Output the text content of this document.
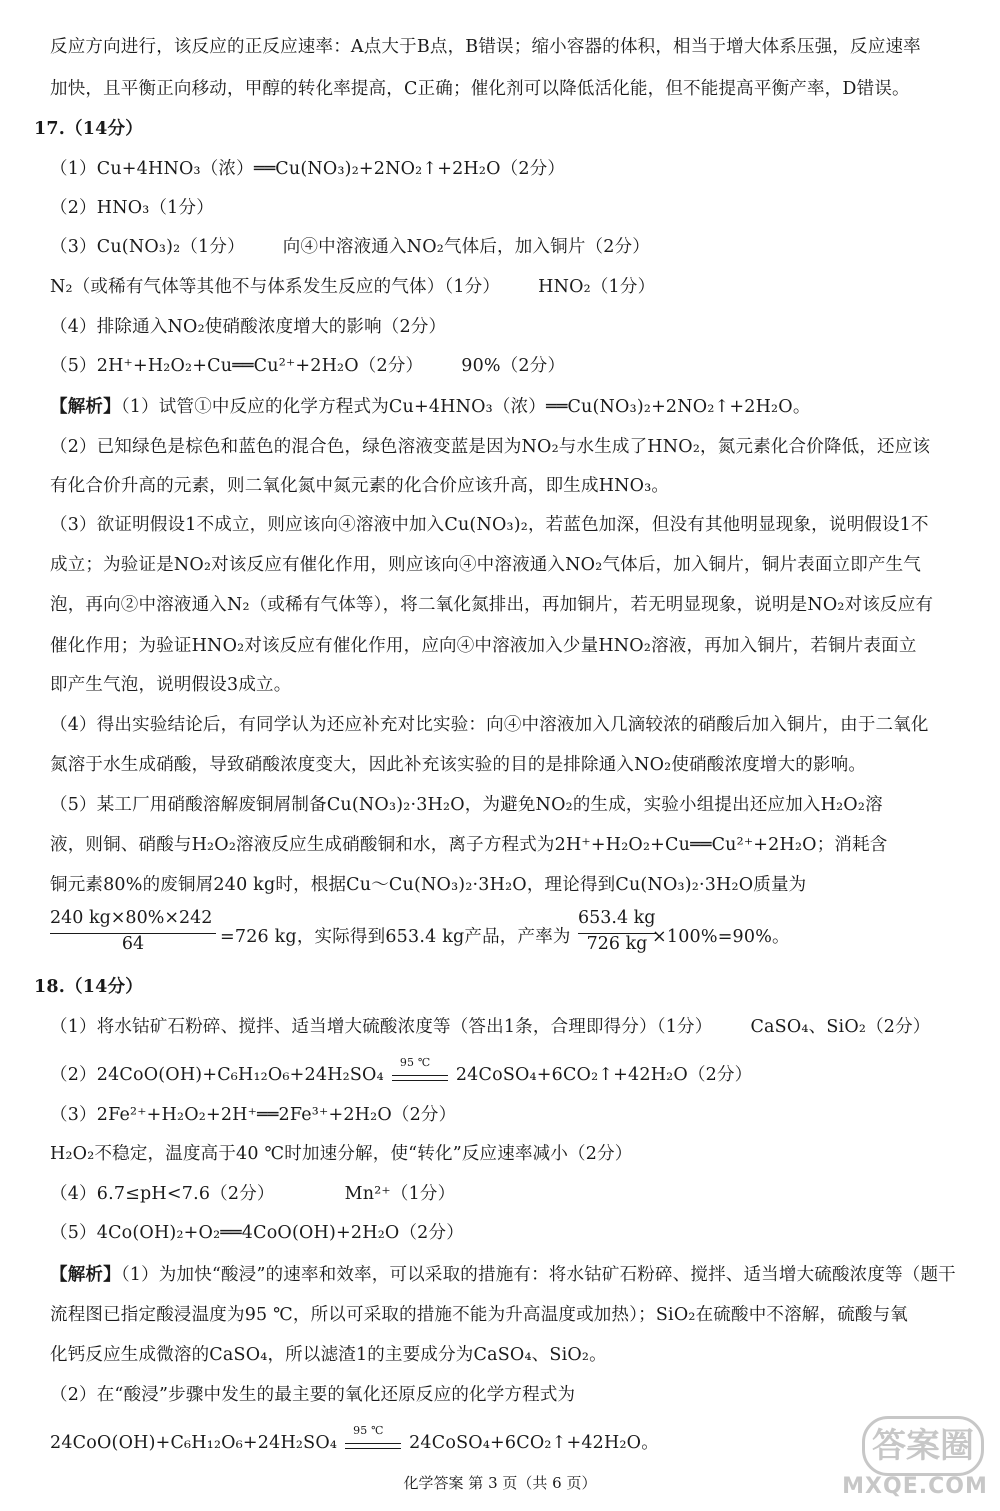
反应方向进行，该反应的正反应速率：A点大于B点，B错误；缩小容器的体积，相当于增大体系压强，反应速率
加快，且平衡正向移动，甲醇的转化率提高，C正确；催化剂可以降低活化能，但不能提高平衡产率，D错误。
17.（14分）
（1）Cu+4HNO₃（浓）══Cu(NO₃)₂+2NO₂↑+2H₂O（2分）
（2）HNO₃（1分）
（3）Cu(NO₃)₂（1分） 向④中溶液通入NO₂气体后，加入铜片（2分）
N₂（或稀有气体等其他不与体系发生反应的气体）（1分） HNO₂（1分）
（4）排除通入NO₂使硝酸浓度增大的影响（2分）
（5）2H⁺+H₂O₂+Cu══Cu²⁺+2H₂O（2分） 90%（2分）
【解析】（1）试管①中反应的化学方程式为Cu+4HNO₃（浓）══Cu(NO₃)₂+2NO₂↑+2H₂O。
（2）已知绿色是棕色和蓝色的混合色，绿色溶液变蓝是因为NO₂与水生成了HNO₂，氮元素化合价降低，还应该
有化合价升高的元素，则二氧化氮中氮元素的化合价应该升高，即生成HNO₃。
（3）欲证明假设1不成立，则应该向④溶液中加入Cu(NO₃)₂，若蓝色加深，但没有其他明显现象，说明假设1不
成立；为验证是NO₂对该反应有催化作用，则应该向④中溶液通入NO₂气体后，加入铜片，铜片表面立即产生气
泡，再向②中溶液通入N₂（或稀有气体等），将二氧化氮排出，再加铜片，若无明显现象，说明是NO₂对该反应有
催化作用；为验证HNO₂对该反应有催化作用，应向④中溶液加入少量HNO₂溶液，再加入铜片，若铜片表面立
即产生气泡，说明假设3成立。
（4）得出实验结论后，有同学认为还应补充对比实验：向④中溶液加入几滴较浓的硝酸后加入铜片，由于二氧化
氮溶于水生成硝酸，导致硝酸浓度变大，因此补充该实验的目的是排除通入NO₂使硝酸浓度增大的影响。
（5）某工厂用硝酸溶解废铜屑制备Cu(NO₃)₂·3H₂O，为避免NO₂的生成，实验小组提出还应加入H₂O₂溶
液，则铜、硝酸与H₂O₂溶液反应生成硝酸铜和水，离子方程式为2H⁺+H₂O₂+Cu══Cu²⁺+2H₂O；消耗含
铜元素80%的废铜屑240 kg时，根据Cu～Cu(NO₃)₂·3H₂O，理论得到Cu(NO₃)₂·3H₂O质量为
240 kg×80%×242
64	=726 kg，实际得到653.4 kg产品，产率为
653.4 kg
726 kg ×100%=90%。
18.（14分）
（1）将水钴矿石粉碎、搅拌、适当增大硫酸浓度等（答出1条，合理即得分）（1分） CaSO₄、SiO₂（2分）
（2）24CoO(OH)+C₆H₁₂O₆+24H₂SO₄
95 ℃
24CoSO₄+6CO₂↑+42H₂O（2分）
（3）2Fe²⁺+H₂O₂+2H⁺══2Fe³⁺+2H₂O（2分）
H₂O₂不稳定，温度高于40 ℃时加速分解，使“转化”反应速率减小（2分）
（4）6.7≤pH<7.6（2分）	Mn²⁺（1分）
（5）4Co(OH)₂+O₂══4CoO(OH)+2H₂O（2分）
【解析】（1）为加快“酸浸”的速率和效率，可以采取的措施有：将水钴矿石粉碎、搅拌、适当增大硫酸浓度等（题干
流程图已指定酸浸温度为95 ℃，所以可采取的措施不能为升高温度或加热）；SiO₂在硫酸中不溶解，硫酸与氧
化钙反应生成微溶的CaSO₄，所以滤渣1的主要成分为CaSO₄、SiO₂。
（2）在“酸浸”步骤中发生的最主要的氧化还原反应的化学方程式为
24CoO(OH)+C₆H₁₂O₆+24H₂SO₄
95 ℃
24CoSO₄+6CO₂↑+42H₂O。
化学答案 第 3 页（共 6 页）
答案圈
MXQE.COM
